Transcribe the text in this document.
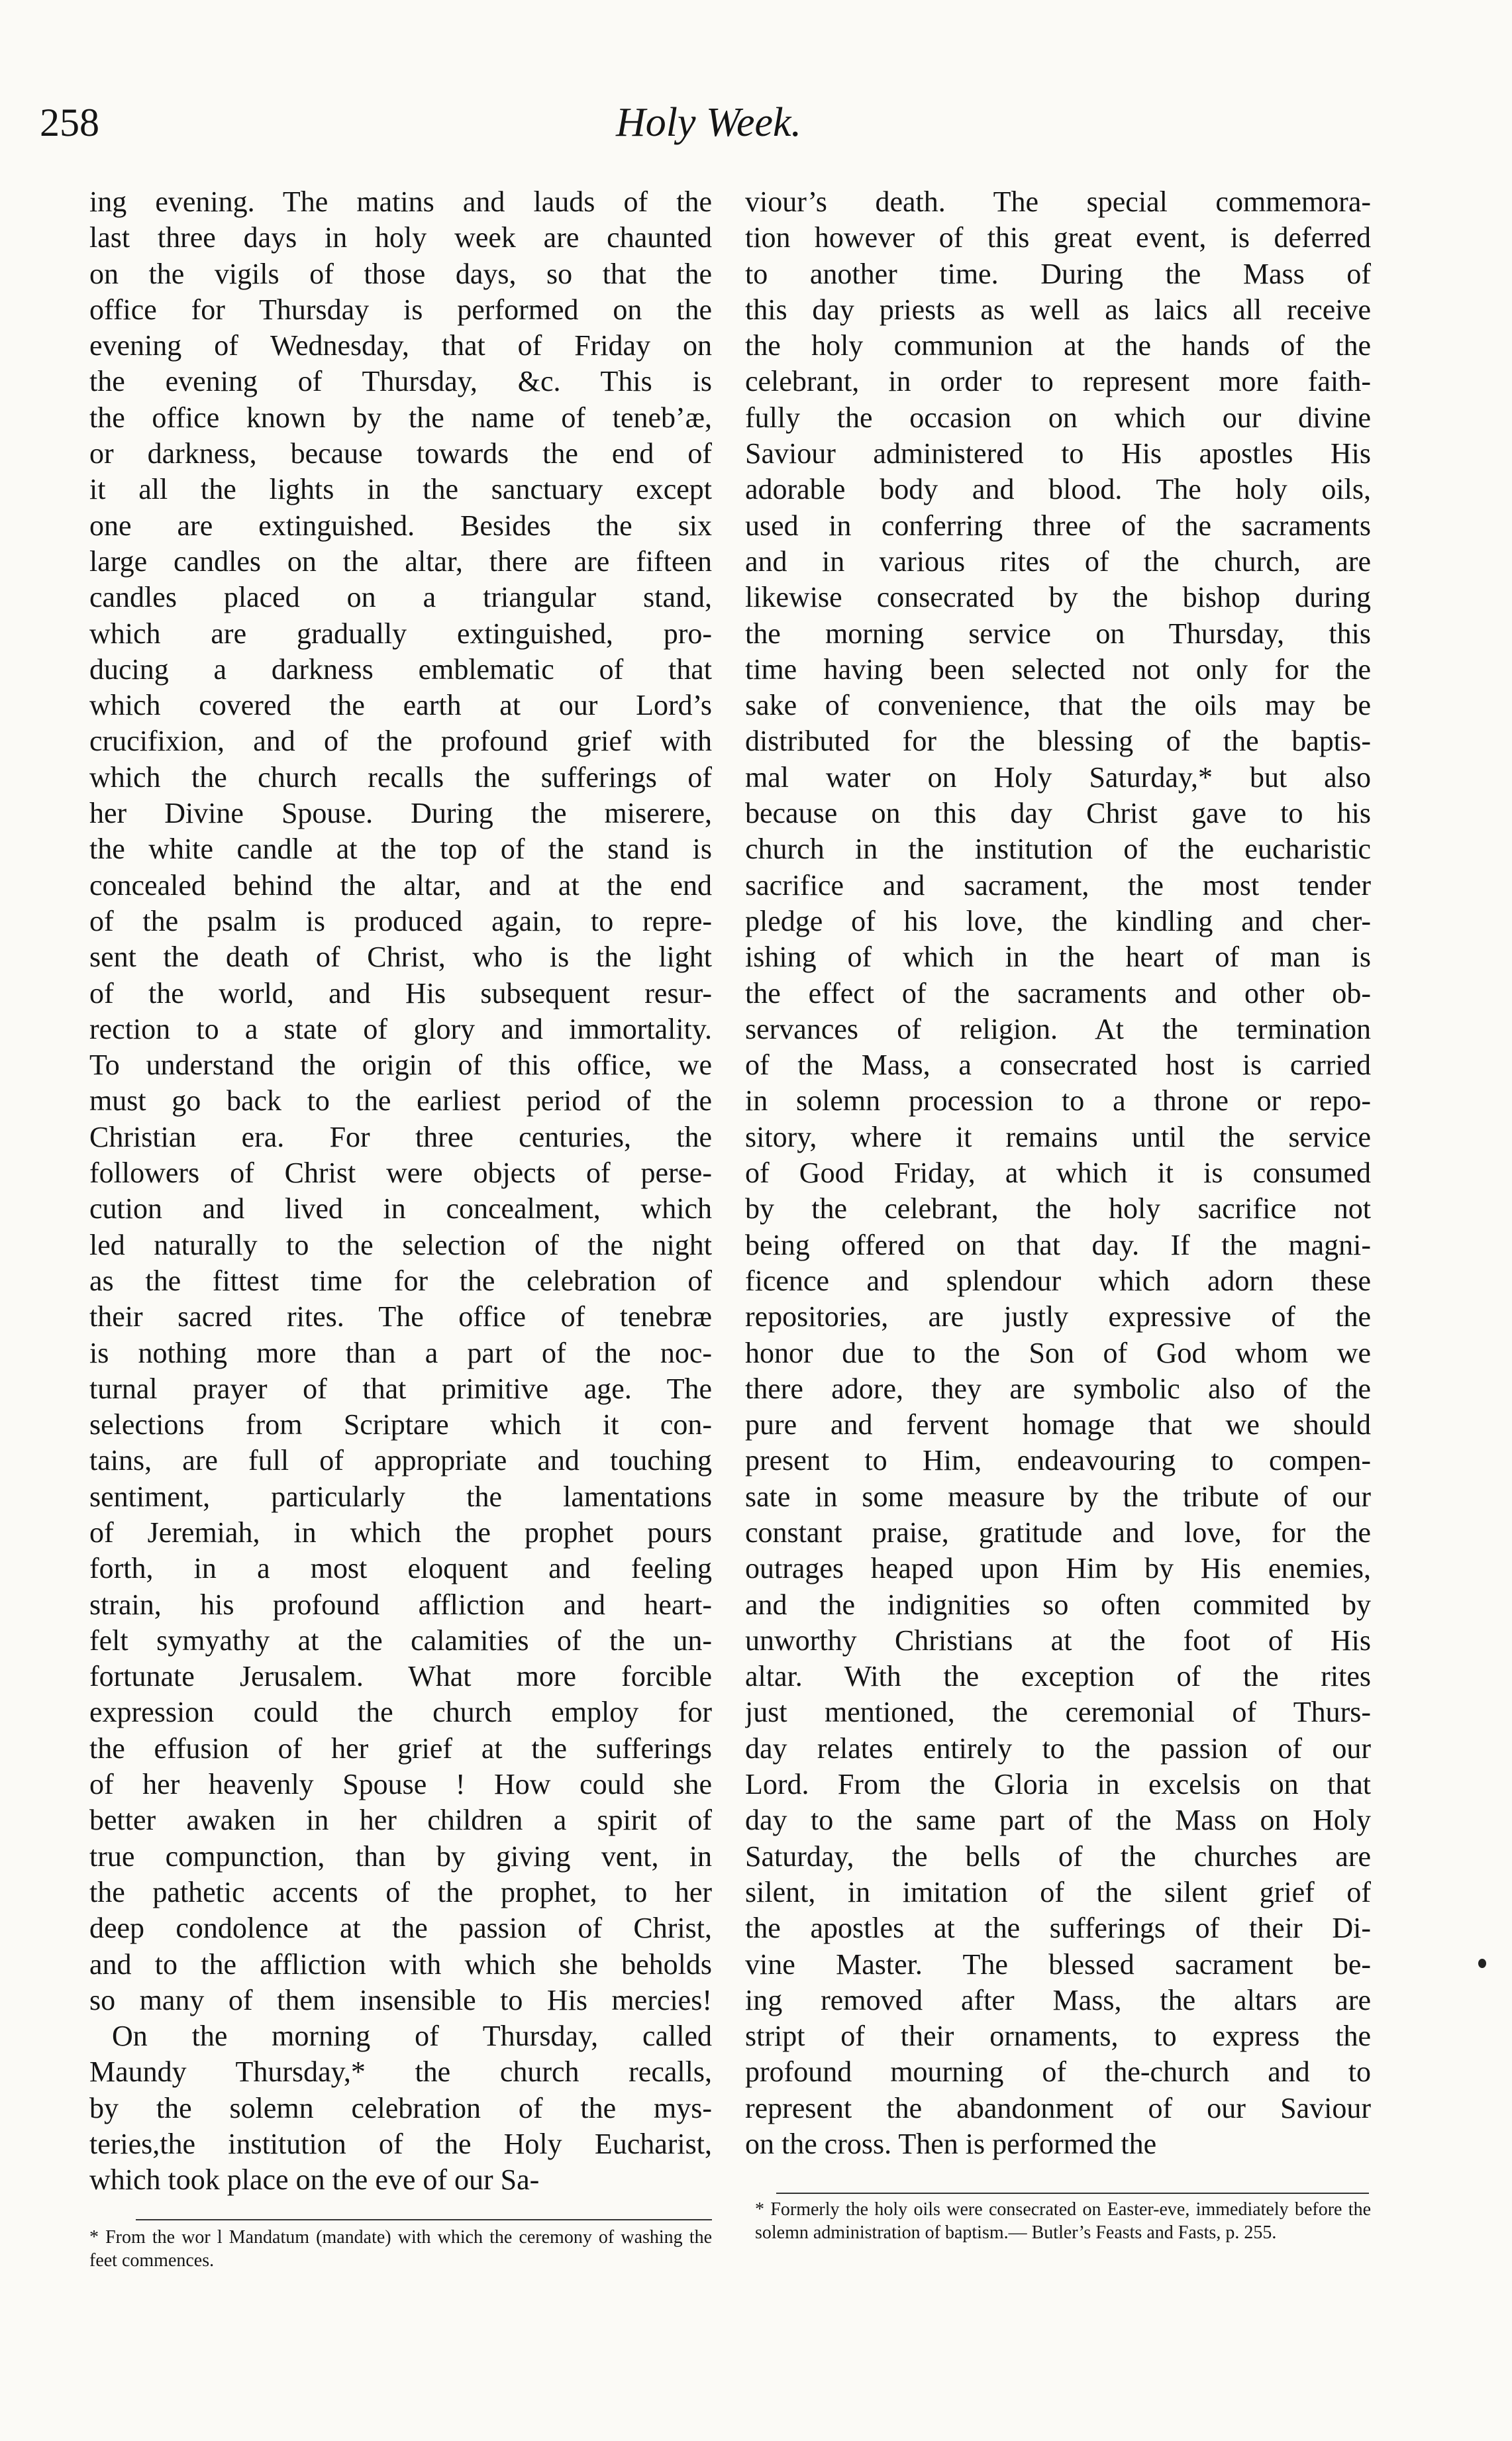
258	Holy Week.
ing evening. The matins and lauds of the
last three days in holy week are chaunted
on the vigils of those days, so that the
office for Thursday is performed on the
evening of Wednesday, that of Friday on
the evening of Thursday, &c. This is
the office known by the name of teneb’æ,
or darkness, because towards the end of
it all the lights in the sanctuary except
one are extinguished. Besides the six
large candles on the altar, there are fifteen
candles placed on a triangular stand,
which are gradually extinguished, pro-
ducing a darkness emblematic of that
which covered the earth at our Lord’s
crucifixion, and of the profound grief with
which the church recalls the sufferings of
her Divine Spouse. During the miserere,
the white candle at the top of the stand is
concealed behind the altar, and at the end
of the psalm is produced again, to repre-
sent the death of Christ, who is the light
of the world, and His subsequent resur-
rection to a state of glory and immortality.
To understand the origin of this office, we
must go back to the earliest period of the
Christian era. For three centuries, the
followers of Christ were objects of perse-
cution and lived in concealment, which
led naturally to the selection of the night
as the fittest time for the celebration of
their sacred rites. The office of tenebræ
is nothing more than a part of the noc-
turnal prayer of that primitive age. The
selections from Scriptare which it con-
tains, are full of appropriate and touching
sentiment, particularly the lamentations
of Jeremiah, in which the prophet pours
forth, in a most eloquent and feeling
strain, his profound affliction and heart-
felt symyathy at the calamities of the un-
fortunate Jerusalem. What more forcible
expression could the church employ for
the effusion of her grief at the sufferings
of her heavenly Spouse ! How could she
better awaken in her children a spirit of
true compunction, than by giving vent, in
the pathetic accents of the prophet, to her
deep condolence at the passion of Christ,
and to the affliction with which she beholds
so many of them insensible to His mercies!
On the morning of Thursday, called
Maundy Thursday,* the church recalls,
by the solemn celebration of the mys-
teries,the institution of the Holy Eucharist,
which took place on the eve of our Sa-
viour’s death. The special commemora-
tion however of this great event, is deferred
to another time. During the Mass of
this day priests as well as laics all receive
the holy communion at the hands of the
celebrant, in order to represent more faith-
fully the occasion on which our divine
Saviour administered to His apostles His
adorable body and blood. The holy oils,
used in conferring three of the sacraments
and in various rites of the church, are
likewise consecrated by the bishop during
the morning service on Thursday, this
time having been selected not only for the
sake of convenience, that the oils may be
distributed for the blessing of the baptis-
mal water on Holy Saturday,* but also
because on this day Christ gave to his
church in the institution of the eucharistic
sacrifice and sacrament, the most tender
pledge of his love, the kindling and cher-
ishing of which in the heart of man is
the effect of the sacraments and other ob-
servances of religion. At the termination
of the Mass, a consecrated host is carried
in solemn procession to a throne or repo-
sitory, where it remains until the service
of Good Friday, at which it is consumed
by the celebrant, the holy sacrifice not
being offered on that day. If the magni-
ficence and splendour which adorn these
repositories, are justly expressive of the
honor due to the Son of God whom we
there adore, they are symbolic also of the
pure and fervent homage that we should
present to Him, endeavouring to compen-
sate in some measure by the tribute of our
constant praise, gratitude and love, for the
outrages heaped upon Him by His enemies,
and the indignities so often commited by
unworthy Christians at the foot of His
altar. With the exception of the rites
just mentioned, the ceremonial of Thurs-
day relates entirely to the passion of our
Lord. From the Gloria in excelsis on that
day to the same part of the Mass on Holy
Saturday, the bells of the churches are
silent, in imitation of the silent grief of
the apostles at the sufferings of their Di-
vine Master. The blessed sacrament be-
ing removed after Mass, the altars are
stript of their ornaments, to express the
profound mourning of the-church and to
represent the abandonment of our Saviour
on the cross. Then is performed the
* From the wor l Mandatum (mandate) with which the ceremony of washing the feet commences.
* Formerly the holy oils were consecrated on Easter-eve, immediately before the solemn administration of baptism.— Butler’s Feasts and Fasts, p. 255.
